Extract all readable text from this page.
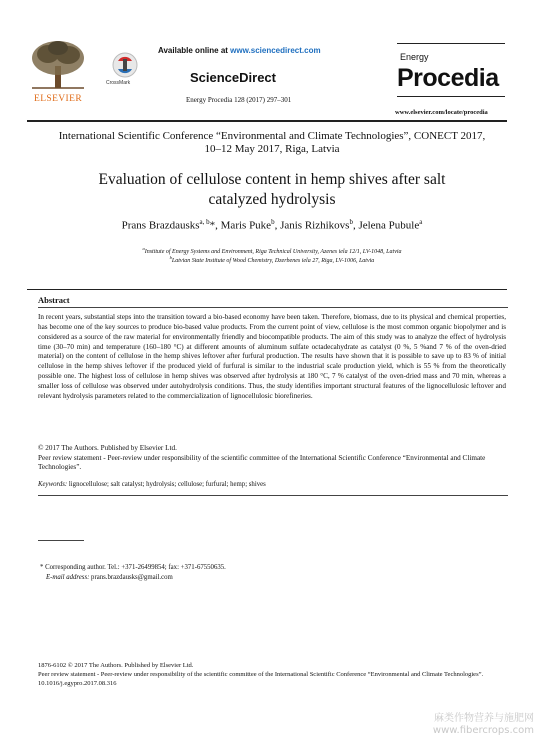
ELSEVIER
CrossMark
Available online at www.sciencedirect.com
ScienceDirect
Energy Procedia 128 (2017) 297–301
Energy
Procedia
www.elsevier.com/locate/procedia
International Scientific Conference “Environmental and Climate Technologies”, CONECT 2017,
10–12 May 2017, Riga, Latvia
Evaluation of cellulose content in hemp shives after salt
catalyzed hydrolysis
Prans Brazdausks$^{a, b}$*, Maris Puke$^b$, Janis Rizhikovs$^b$, Jelena Pubule$^a$
$^a$Institute of Energy Systems and Environment, Riga Technical University, Azenes iela 12/1, LV-1048, Latvia
$^b$Latvian State Institute of Wood Chemistry, Dzerbenes iela 27, Riga, LV-1006, Latvia
Abstract
In recent years, substantial steps into the transition toward a bio-based economy have been taken. Therefore, biomass, due to its physical and chemical properties, has become one of the key sources to produce bio-based value products. From the current point of view, cellulose is the most common organic biopolymer and is considered as a source of the raw material for environmentally friendly and biocompatible products. The aim of this study was to analyze the effect of hydrolysis time (30–70 min) and temperature (160–180 °C) at different amounts of aluminum sulfate octadecahydrate as catalyst (0 %, 5 %and 7 % of the oven-dried material) on the content of cellulose in the hemp shives leftover after furfural production. The results have shown that it is possible to save up to 83 % of initial cellulose in the hemp shives leftover if the produced yield of furfural is similar to the industrial scale production yield, which is 55 % from the theoretically possible one. The highest loss of cellulose in hemp shives was observed after hydrolysis at 180 °C, 7 % catalyst of the oven-dried mass and 70 min, whereas a smaller loss of cellulose was observed under autohydrolysis conditions. Thus, the study identifies important structural features of the lignocellulosic leftover and relevant hydrolysis parameters related to the commercialization of lignocellulosic biorefineries.
© 2017 The Authors. Published by Elsevier Ltd.
Peer review statement - Peer-review under responsibility of the scientific committee of the International Scientific Conference “Environmental and Climate Technologies”.
Keywords: lignocellulose; salt catalyst; hydrolysis; cellulose; furfural; hemp; shives
* Corresponding author. Tel.: +371-26499854; fax: +371-67550635.
E-mail address: prans.brazdausks@gmail.com
1876-6102 © 2017 The Authors. Published by Elsevier Ltd.
Peer review statement - Peer-review under responsibility of the scientific committee of the International Scientific Conference “Environmental and Climate Technologies”.
10.1016/j.egypro.2017.08.316
麻类作物营养与施肥网
www.fibercrops.com
